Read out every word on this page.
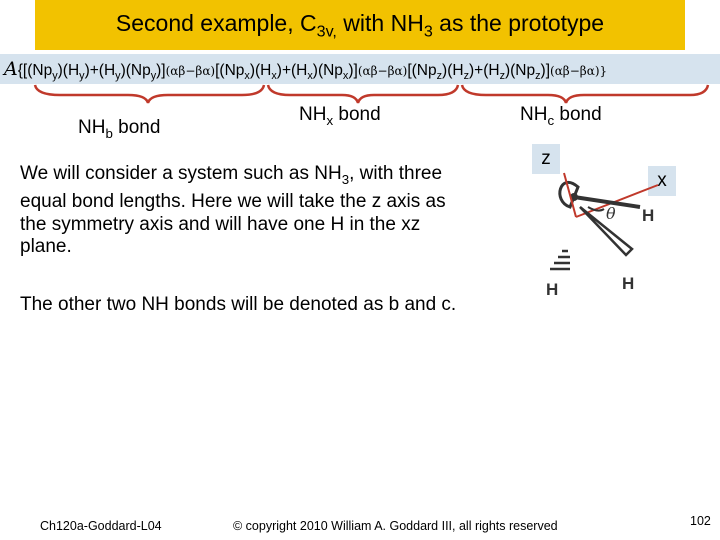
Second example, $C_{3v,}$ with $NH_3$ as the prototype
$A\{[(Np_y)(H_y)+(H_y)(Np_y)](\alpha\beta-\beta\alpha)[(Np_x)(H_x)+(H_x)(Np_x)](\alpha\beta-\beta\alpha)[(Np_z)(H_z)+(H_z)(Np_z)](\alpha\beta-\beta\alpha)\}$
$NH_b$ bond
$NH_x$ bond	$NH_c$ bond
We will consider a system such as $NH_3$, with three equal bond lengths. Here we will take the z axis as the symmetry axis and will have one H in the xz plane.
The other two NH bonds will be denoted as b and c.
z
x
θ H
H
H
Ch120a-Goddard-L04	© copyright 2010 William A. Goddard III, all rights reserved	102
